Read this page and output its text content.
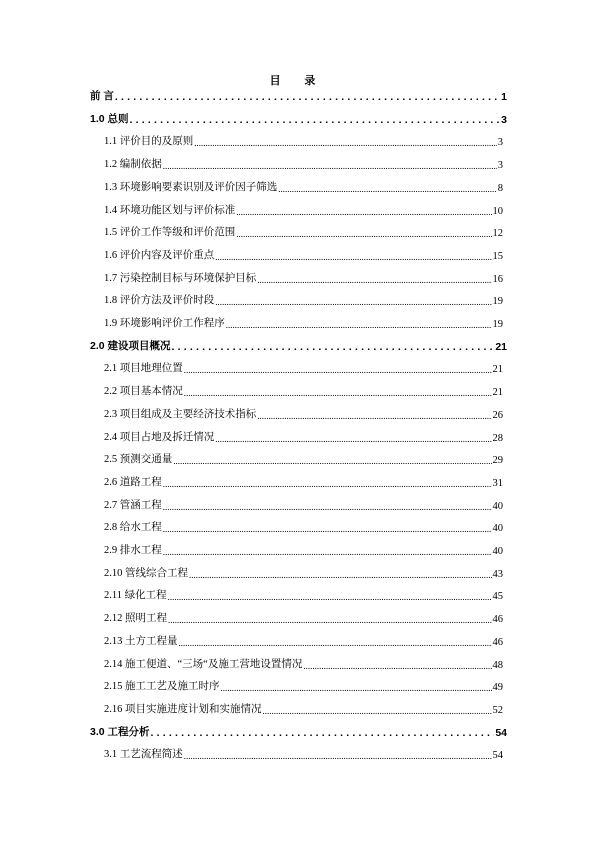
目 录
前 言 .....	1
1.0 总则 .....	3
1.1 评价目的及原则 .....	3
1.2 编制依据 .....	3
1.3 环境影响要素识别及评价因子筛选 .....	8
1.4 环境功能区划与评价标准 .....	10
1.5 评价工作等级和评价范围 .....	12
1.6 评价内容及评价重点 .....	15
1.7 污染控制目标与环境保护目标 .....	16
1.8 评价方法及评价时段 .....	19
1.9 环境影响评价工作程序 .....	19
2.0 建设项目概况 .....	21
2.1 项目地理位置 .....	21
2.2 项目基本情况 .....	21
2.3 项目组成及主要经济技术指标 .....	26
2.4 项目占地及拆迁情况 .....	28
2.5 预测交通量 .....	29
2.6 道路工程 .....	31
2.7 管涵工程 .....	40
2.8 给水工程 .....	40
2.9 排水工程 .....	40
2.10 管线综合工程 .....	43
2.11 绿化工程 .....	45
2.12 照明工程 .....	46
2.13 土方工程量 .....	46
2.14 施工便道、“三场“及施工营地设置情况 .....	48
2.15 施工工艺及施工时序 .....	49
2.16 项目实施进度计划和实施情况 .....	52
3.0 工程分析 .....	54
3.1 工艺流程简述 .....	54
